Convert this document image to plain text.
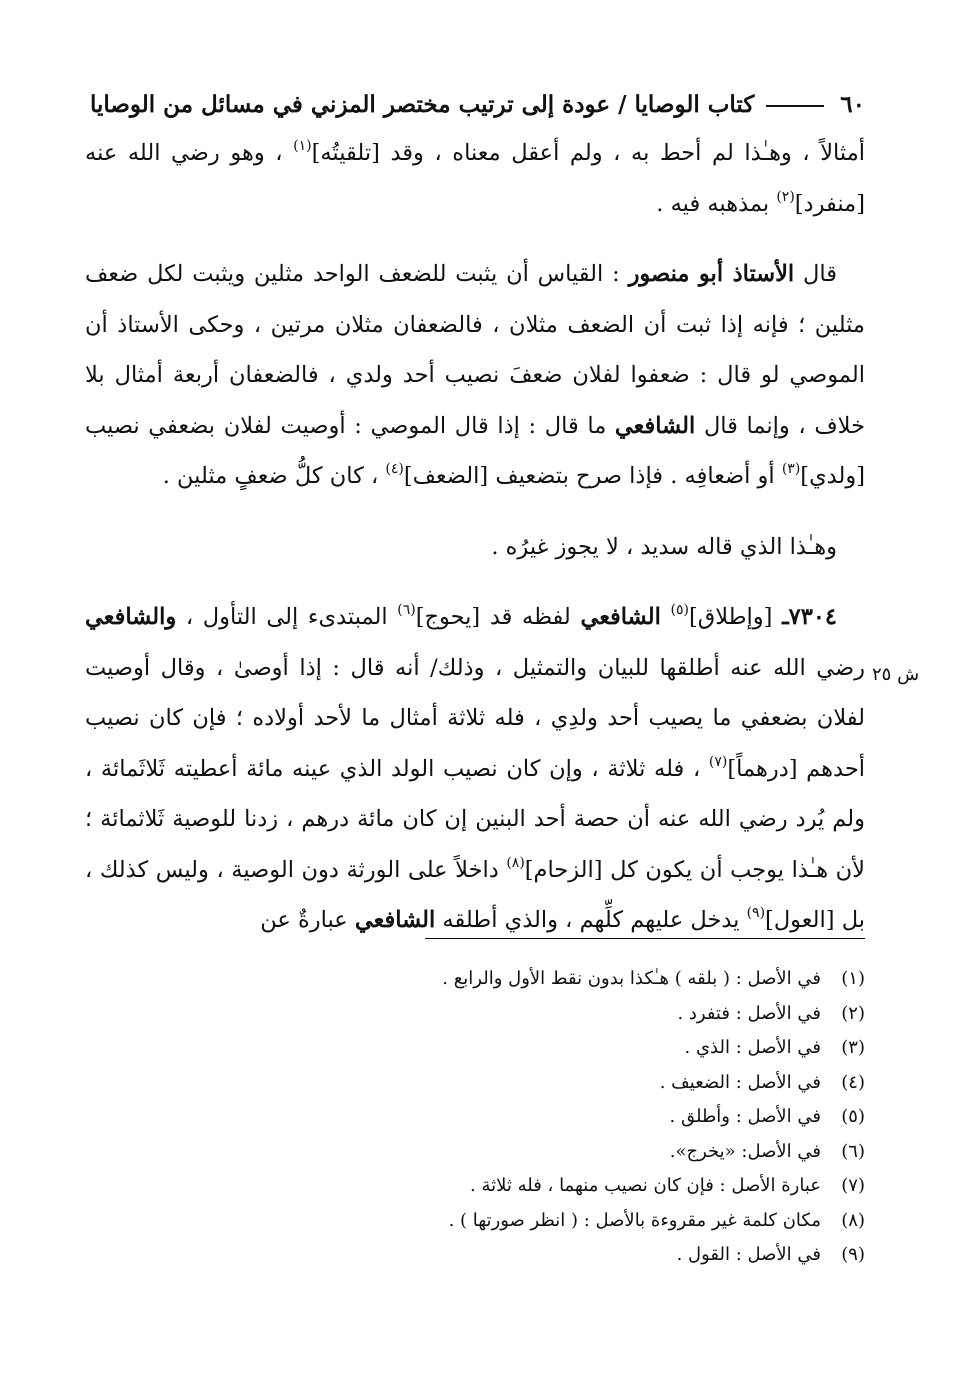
٦٠
كتاب الوصايا / عودة إلى ترتيب مختصر المزني في مسائل من الوصايا

أمثالاً ، وهـٰذا لم أحط به ، ولم أعقل معناه ، وقد [تلقيتُه]$^{(١)}$ ، وهو رضي الله عنه [منفرد]$^{(٢)}$ بمذهبه فيه .

قال الأستاذ أبو منصور : القياس أن يثبت للضعف الواحد مثلين ويثبت لكل ضعف مثلين ؛ فإنه إذا ثبت أن الضعف مثلان ، فالضعفان مثلان مرتين ، وحكى الأستاذ أن الموصي لو قال : ضعفوا لفلان ضعفَ نصيب أحد ولدي ، فالضعفان أربعة أمثال بلا خلاف ، وإنما قال الشافعي ما قال : إذا قال الموصي : أوصيت لفلان بضعفي نصيب [ولدي]$^{(٣)}$ أو أضعافِه . فإذا صرح بتضعيف [الضعف]$^{(٤)}$ ، كان كلُّ ضعفٍ مثلين .

وهـٰذا الذي قاله سديد ، لا يجوز غيرُه .

٧٣٠٤ـ [وإطلاق]$^{(٥)}$ الشافعي لفظه قد [يحوج]$^{(٦)}$ المبتدىء إلى التأول ، والشافعي رضي الله عنه أطلقها للبيان والتمثيل ، وذلك/ أنه قال : إذا أوصىٰ ، وقال أوصيت لفلان بضعفي ما يصيب أحد ولدِي ، فله ثلاثة أمثال ما لأحد أولاده ؛ فإن كان نصيب أحدهم [درهماً]$^{(٧)}$ ، فله ثلاثة ، وإن كان نصيب الولد الذي عينه مائة أعطيته ثَلاثَمائة ، ولم يُرد رضي الله عنه أن حصة أحد البنين إن كان مائة درهم ، زدنا للوصية ثَلاثمائة ؛ لأن هـٰذا يوجب أن يكون كل [الزحام]$^{(٨)}$ داخلاً على الورثة دون الوصية ، وليس كذلك ، بل [العول]$^{(٩)}$ يدخل عليهم كلِّهم ، والذي أطلقه الشافعي عبارةٌ عن

ش ٢٥
(١)
في الأصل : ( بلقه ) هـٰكذا بدون نقط الأول والرابع .
(٢)
في الأصل : فتفرد .
(٣)
في الأصل : الذي .
(٤)
في الأصل : الضعيف .
(٥)
في الأصل : وأطلق .
(٦)
في الأصل: «يخرج».
(٧)
عبارة الأصل : فإن كان نصيب منهما ، فله ثلاثة .
(٨)
مكان كلمة غير مقروءة بالأصل : ( انظر صورتها ) .
(٩)
في الأصل : القول .
